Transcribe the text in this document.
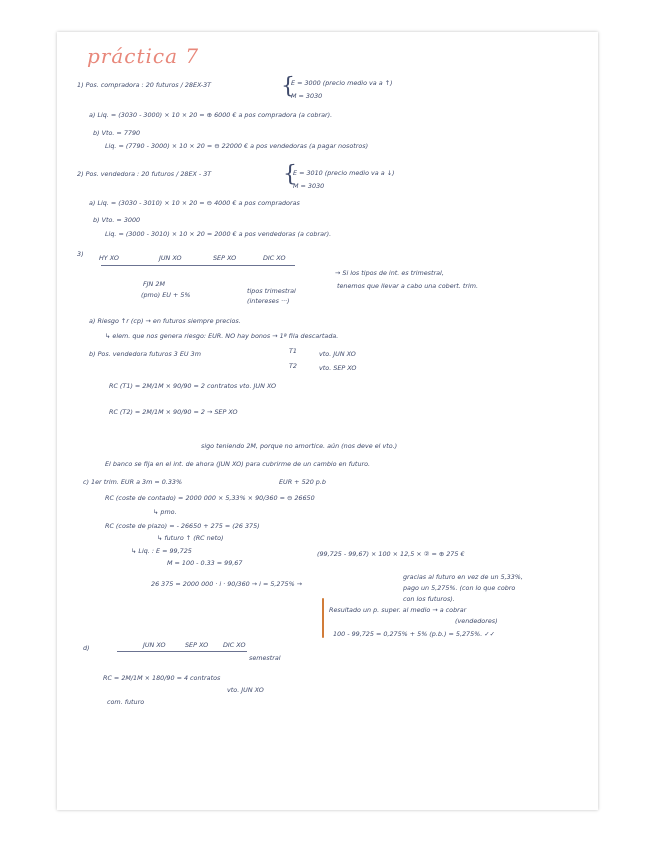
práctica 7
1) Pos. compradora : 20 futuros / 28EX-3T	{
E = 3000 (precio medio va a ↑)
M = 3030
a) Liq. = (3030 - 3000) × 10 × 20 = ⊕ 6000 € a pos compradora (a cobrar).
b) Vto. = 7790
Liq. = (7790 - 3000) × 10 × 20 = ⊖ 22000 € a pos vendedoras (a pagar nosotros)
2) Pos. vendedora : 20 futuros / 28EX - 3T	{
E = 3010 (precio medio va a ↓)
M = 3030
a) Liq. = (3030 - 3010) × 10 × 20 = ⊖ 4000 € a pos compradoras
b) Vto. = 3000
Liq. = (3000 - 3010) × 10 × 20 = 2000 € a pos vendedoras (a cobrar).
3) HY XO	JUN XO	SEP XO	DIC XO
→ Si los tipos de int. es trimestral,
tenemos que llevar a cabo una cobert. trim.
FJN 2M
(pmo) EU + 5%	tipos trimestral
(intereses ···)
a) Riesgo ↑r (cp) → en futuros siempre precios.
↳ elem. que nos genera riesgo: EUR. NO hay bonos → 1ª fila descartada.
b) Pos. vendedora futuros 3 EU 3m	T1
T2
vto. JUN XO
vto. SEP XO
RC (T1) = 2M/1M × 90/90 = 2 contratos vto. JUN XO
RC (T2) = 2M/1M × 90/90 = 2 → SEP XO
sigo teniendo 2M, porque no amortice. aún (nos deve el vto.)
El banco se fija en el int. de ahora (JUN XO) para cubrirme de un cambio en futuro.
c) 1er trim. EUR a 3m = 0.33%	EUR + 520 p.b
RC (coste de contado) = 2000 000 × 5,33% × 90/360 = ⊖ 26650
↳ pmo.
RC (coste de plazo) = - 26650 + 275 = (26 375)
↳ futuro ↑ (RC neto)
↳ Liq. : E = 99,725
M = 100 - 0.33 = 99,67
(99,725 - 99,67) × 100 × 12,5 × ② = ⊕ 275 €
26 375 = 2000 000 · i · 90/360 → i = 5,275% →
gracias al futuro en vez de un 5,33%,
pago un 5,275%. (con lo que cobro
con los futuros).
Resultado un p. super. al medio → a cobrar
(vendedores)
100 - 99,725 = 0,275% + 5% (p.b.) = 5,275%. ✓✓
d)	JUN XO	SEP XO DIC XO
semestral
RC = 2M/1M × 180/90 = 4 contratos
vto. JUN XO
com. futuro
